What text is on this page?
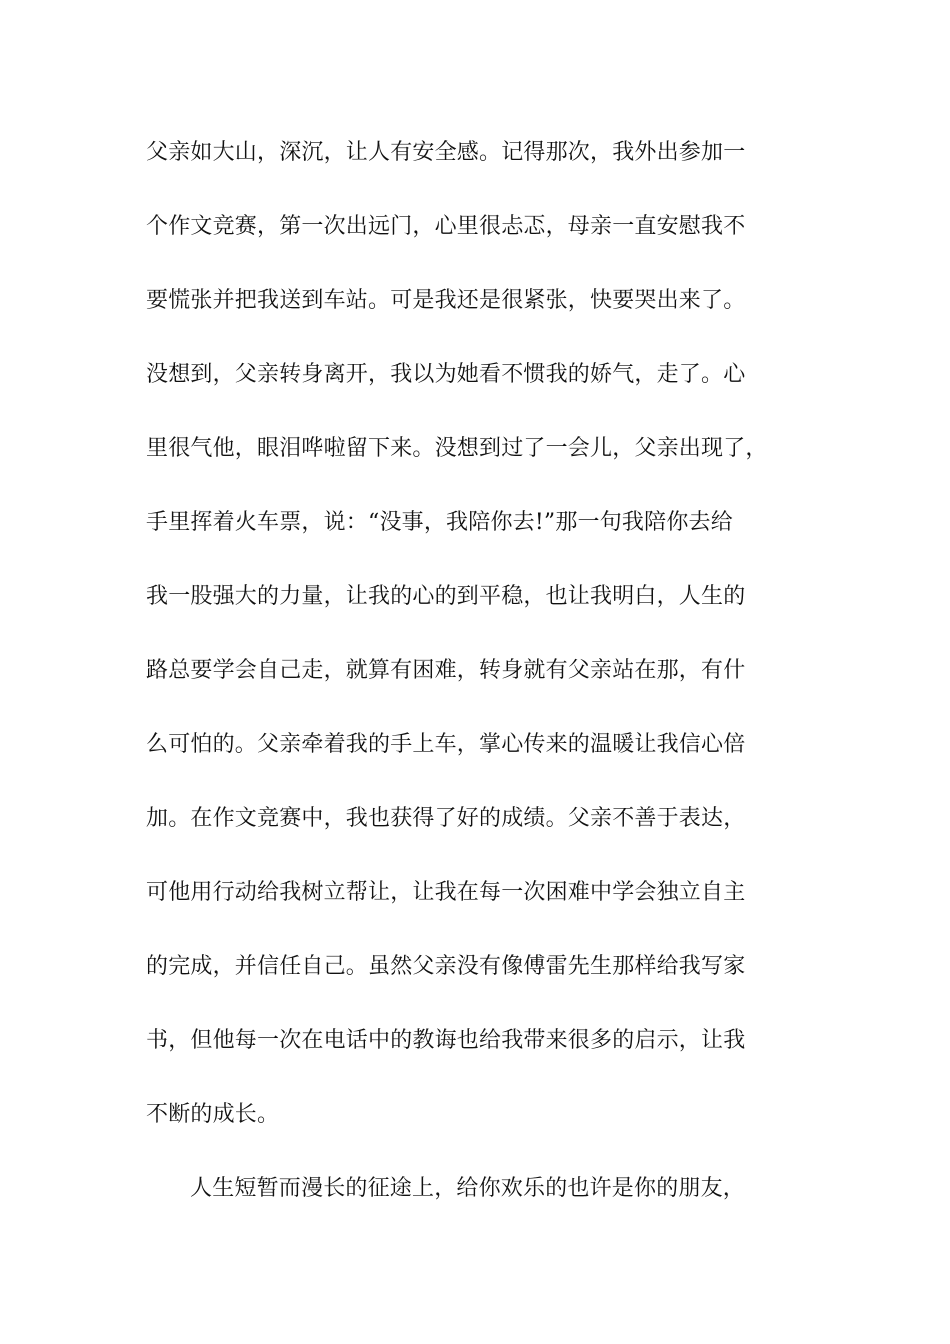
父亲如大山，深沉，让人有安全感。记得那次，我外出参加一
个作文竞赛，第一次出远门，心里很忐忑，母亲一直安慰我不
要慌张并把我送到车站。可是我还是很紧张，快要哭出来了。
没想到，父亲转身离开，我以为她看不惯我的娇气，走了。心
里很气他，眼泪哗啦留下来。没想到过了一会儿，父亲出现了，
手里挥着火车票，说：“没事，我陪你去!”那一句我陪你去给
我一股强大的力量，让我的心的到平稳，也让我明白，人生的
路总要学会自己走，就算有困难，转身就有父亲站在那，有什
么可怕的。父亲牵着我的手上车，掌心传来的温暖让我信心倍
加。在作文竞赛中，我也获得了好的成绩。父亲不善于表达，
可他用行动给我树立帮让，让我在每一次困难中学会独立自主
的完成，并信任自己。虽然父亲没有像傅雷先生那样给我写家
书，但他每一次在电话中的教诲也给我带来很多的启示，让我
不断的成长。
人生短暂而漫长的征途上，给你欢乐的也许是你的朋友，
